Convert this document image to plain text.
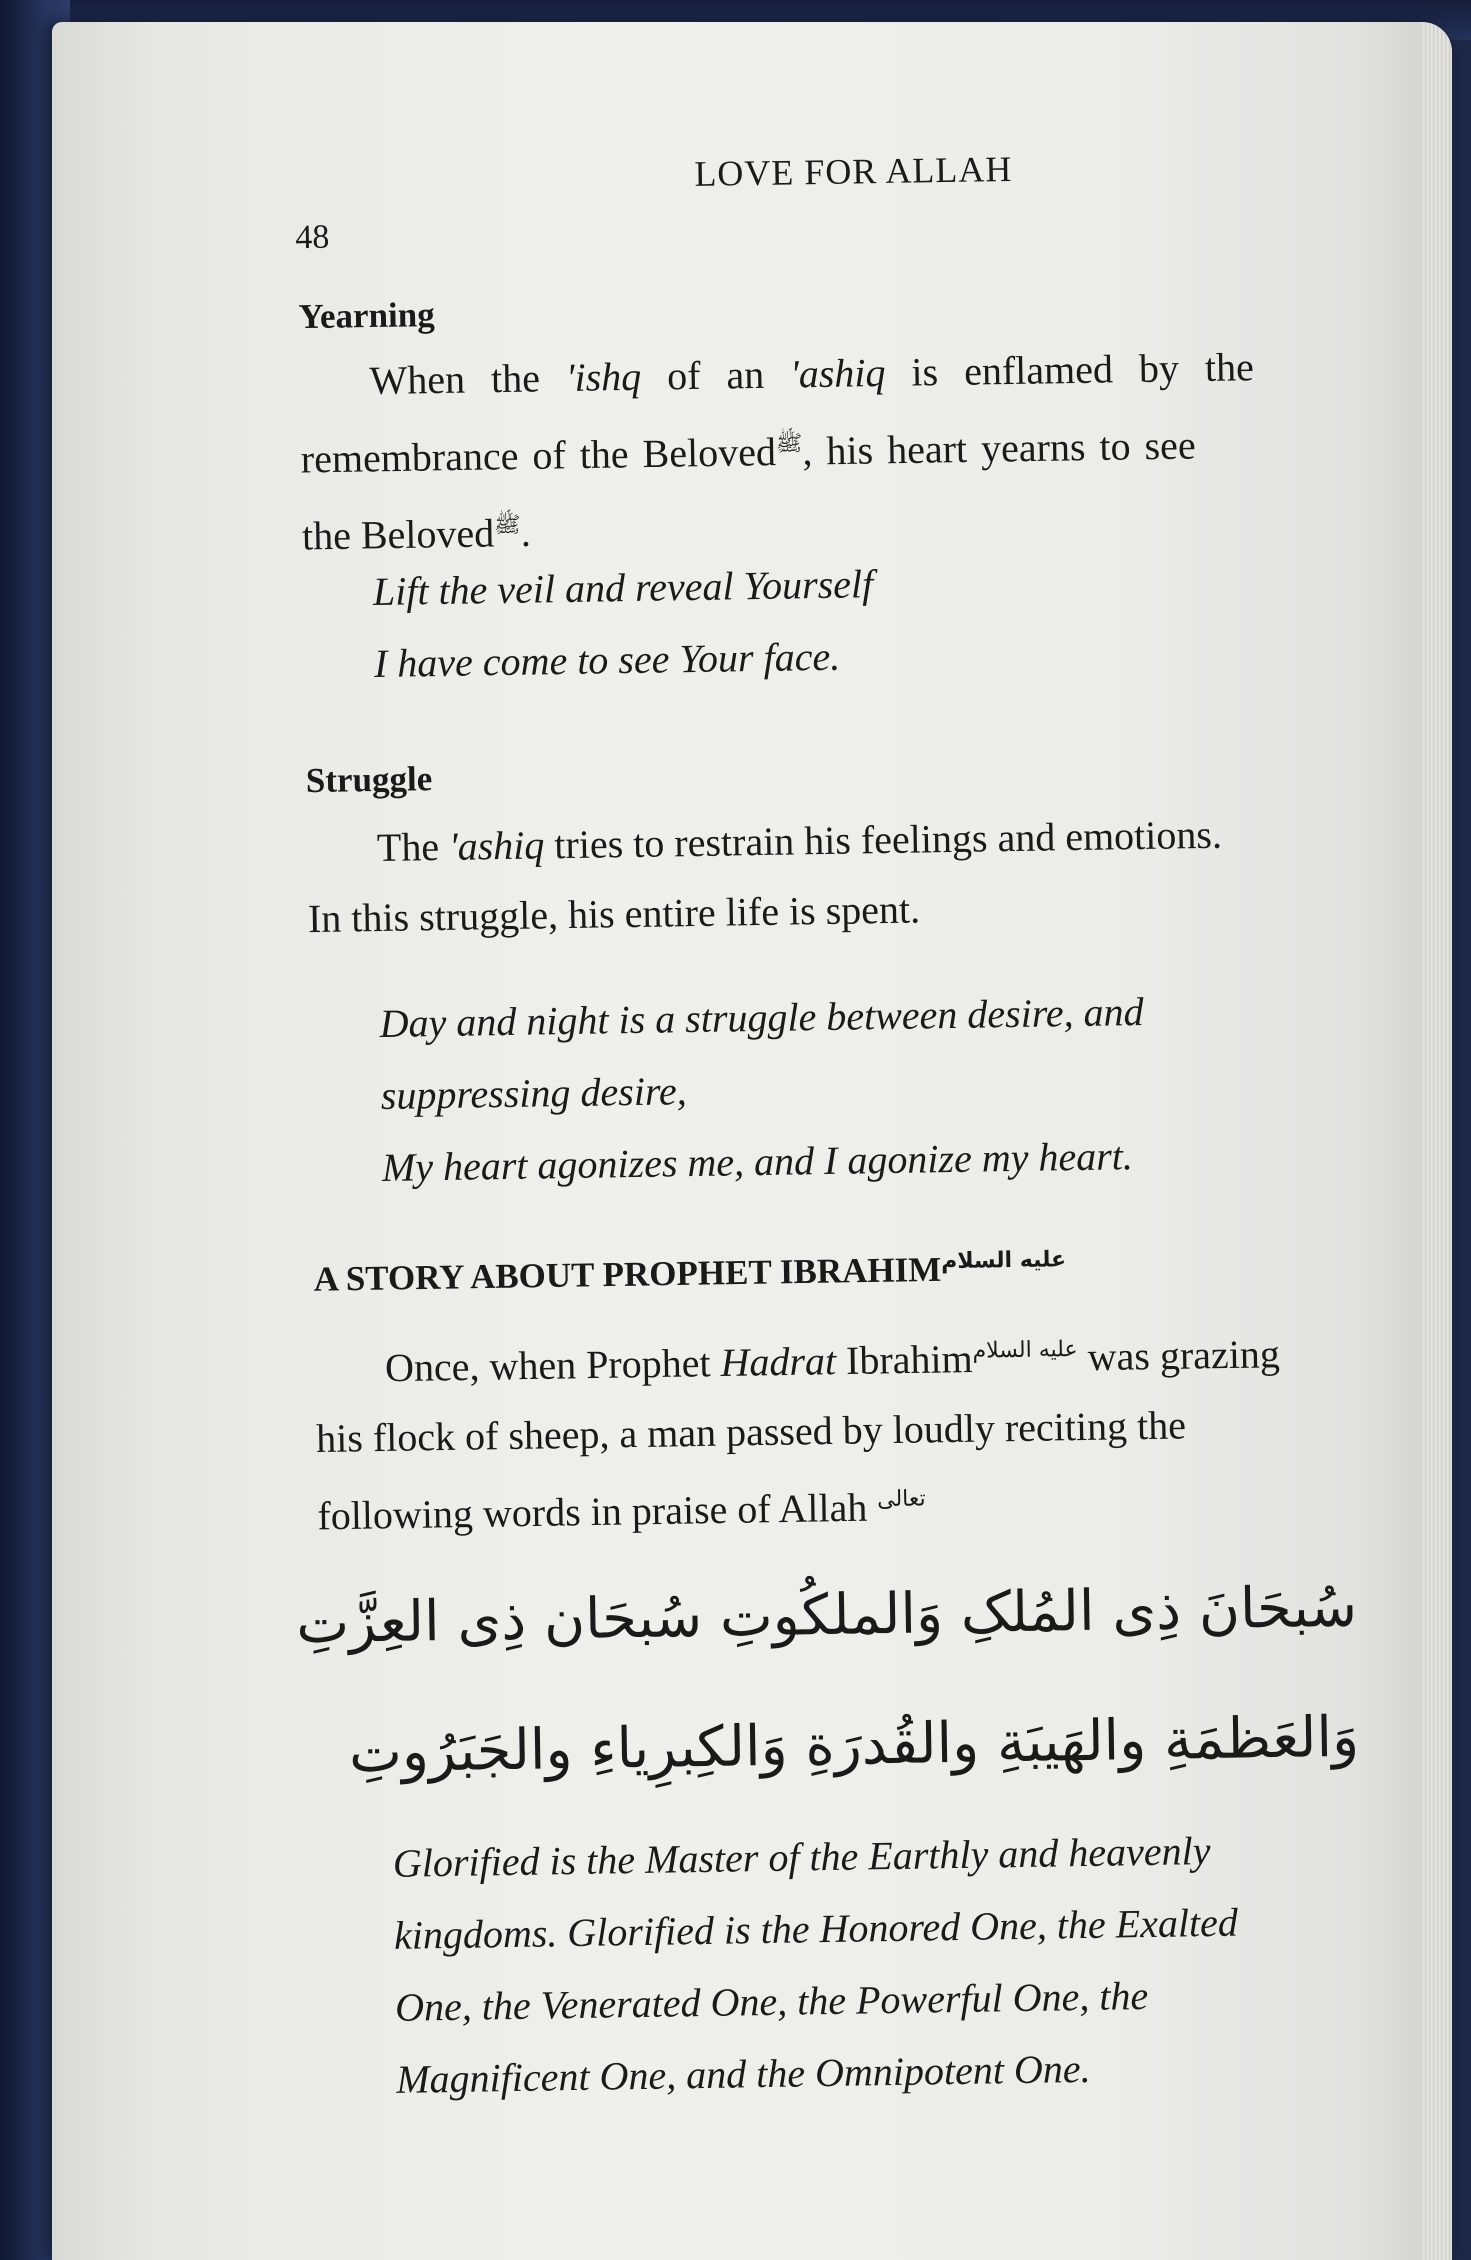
LOVE FOR ALLAH
48
Yearning
When the 'ishq of an 'ashiq is enflamed by the
remembrance of the Beloved$^ﷺ$, his heart yearns to see
the Beloved$^ﷺ$.
Lift the veil and reveal Yourself
I have come to see Your face.
Struggle
The 'ashiq tries to restrain his feelings and emotions.
In this struggle, his entire life is spent.
Day and night is a struggle between desire, and
suppressing desire,
My heart agonizes me, and I agonize my heart.
A STORY ABOUT PROPHET $IBRAHIM^{عليه السلام}$
Once, when Prophet Hadrat Ibrahim$^{عليه السلام}$ was grazing
his flock of sheep, a man passed by loudly reciting the
following words in praise of Allah $^{تعالى}$
سُبحَانَ ذِی المُلکِ وَالملکُوتِ سُبحَان ذِی العِزَّتِ
وَالعَظمَةِ والهَیبَةِ والقُدرَةِ وَالکِبرِیاءِ والجَبَرُوتِ
Glorified is the Master of the Earthly and heavenly
kingdoms. Glorified is the Honored One, the Exalted
One, the Venerated One, the Powerful One, the
Magnificent One, and the Omnipotent One.
